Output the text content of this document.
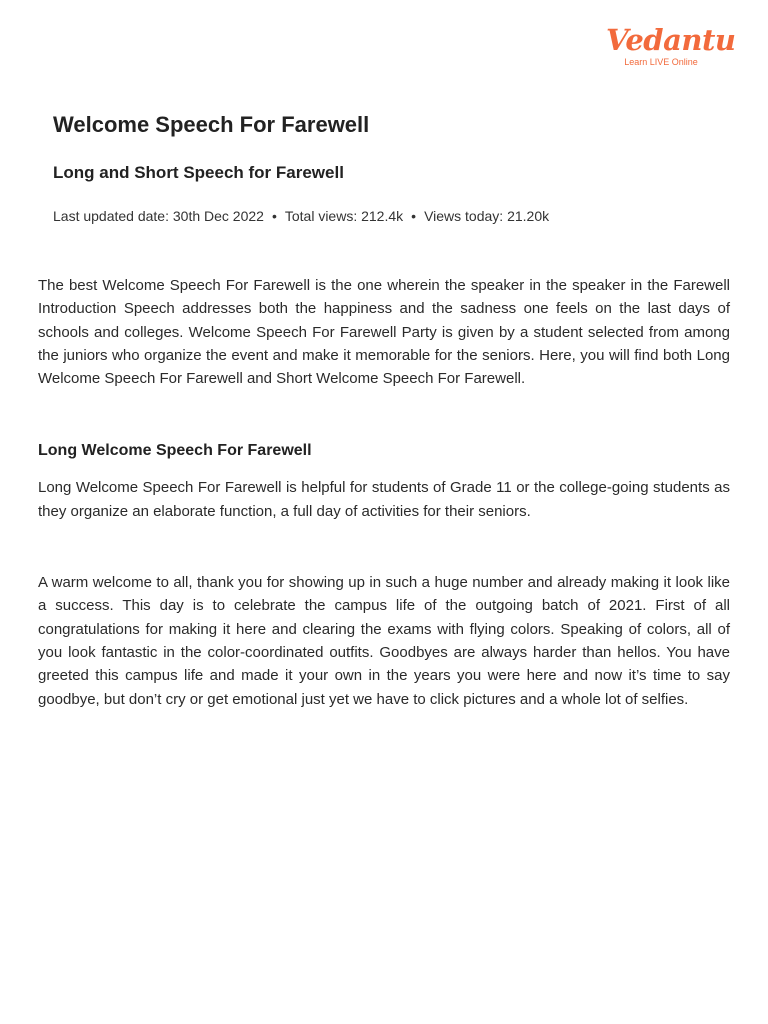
Vedantu
Learn LIVE Online
Welcome Speech For Farewell
Long and Short Speech for Farewell
Last updated date: 30th Dec 2022 • Total views: 212.4k • Views today: 21.20k

The best Welcome Speech For Farewell is the one wherein the speaker in the speaker in the Farewell Introduction Speech addresses both the happiness and the sadness one feels on the last days of schools and colleges. Welcome Speech For Farewell Party is given by a student selected from among the juniors who organize the event and make it memorable for the seniors. Here, you will find both Long Welcome Speech For Farewell and Short Welcome Speech For Farewell.

Long Welcome Speech For Farewell

Long Welcome Speech For Farewell is helpful for students of Grade 11 or the college-going students as they organize an elaborate function, a full day of activities for their seniors.

A warm welcome to all, thank you for showing up in such a huge number and already making it look like a success. This day is to celebrate the campus life of the outgoing batch of 2021. First of all congratulations for making it here and clearing the exams with flying colors. Speaking of colors, all of you look fantastic in the color-coordinated outfits. Goodbyes are always harder than hellos. You have greeted this campus life and made it your own in the years you were here and now it’s time to say goodbye, but don’t cry or get emotional just yet we have to click pictures and a whole lot of selfies.
